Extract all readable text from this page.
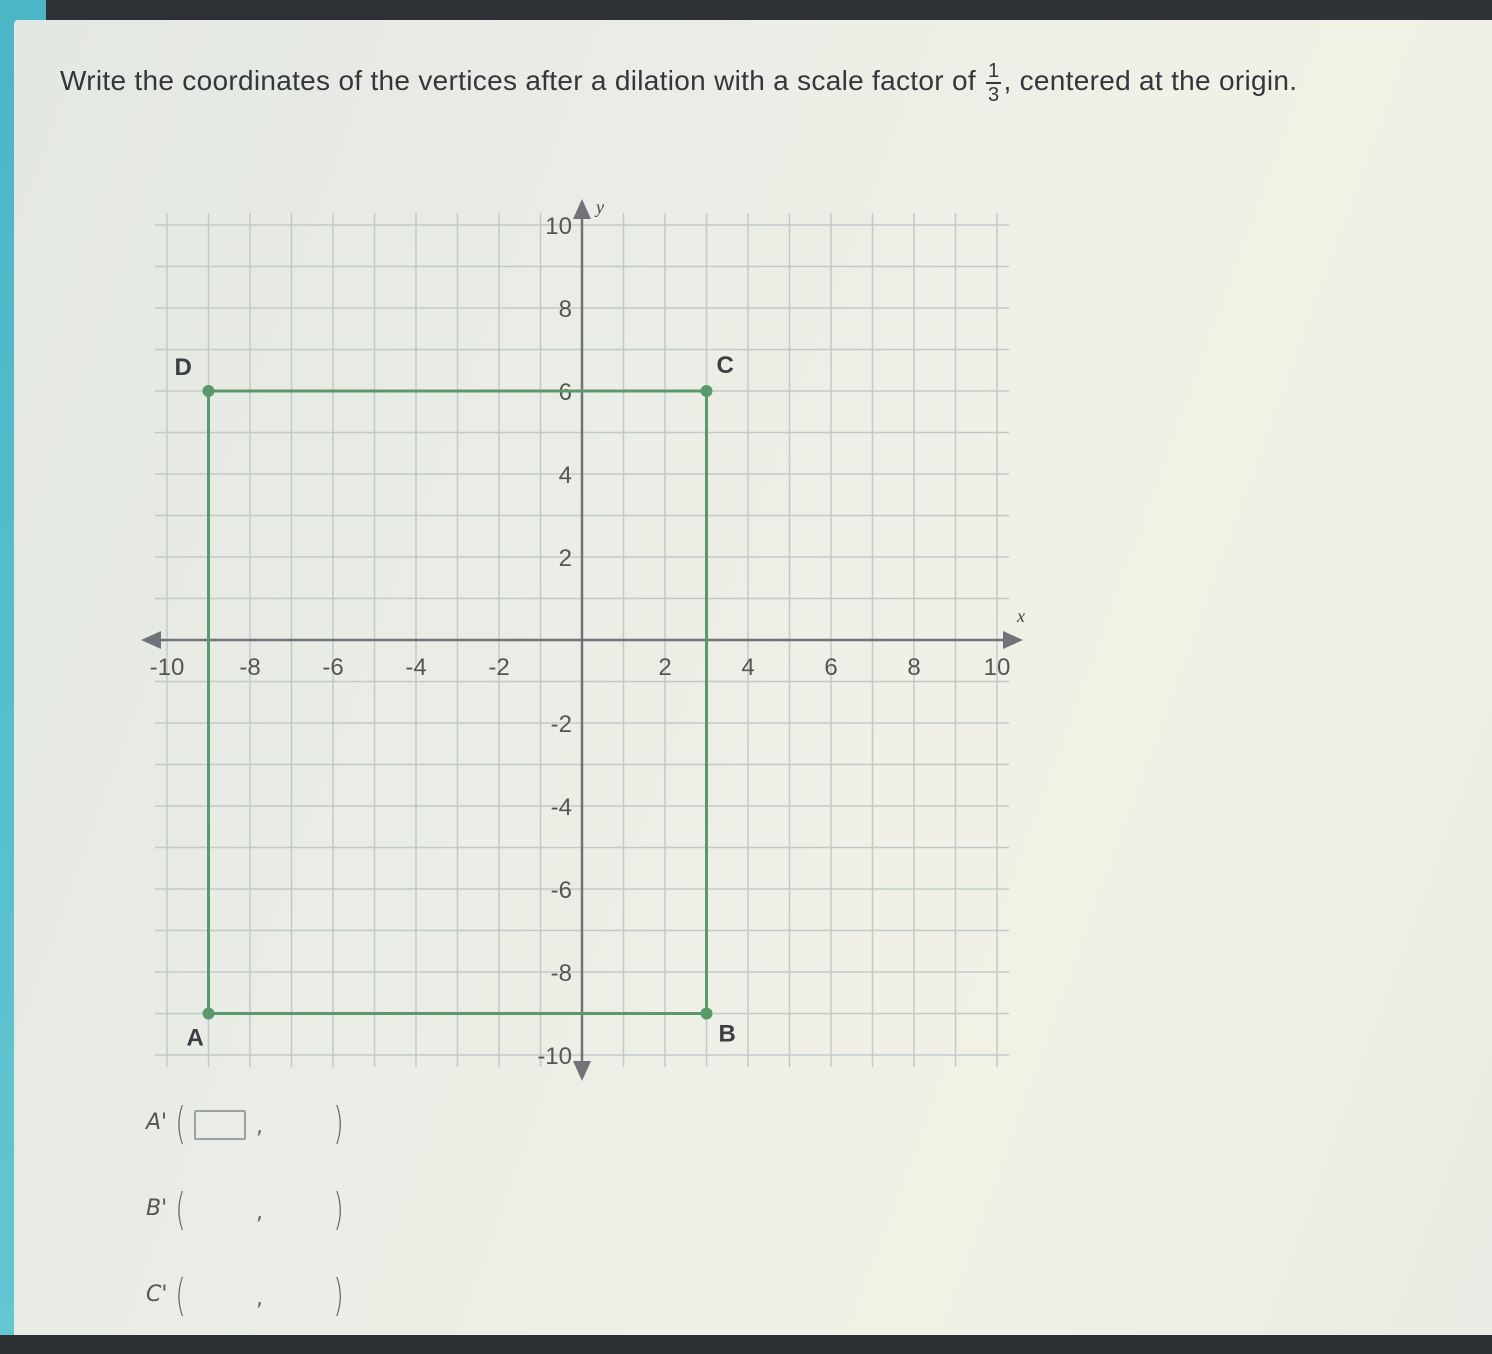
Write the coordinates of the vertices after a dilation with a scale factor of $\frac{1}{3}$ , centered at the origin.
x
y
-10 -8	-6	-4	-2	2	4	6	8	10
10
8
6
4
2
-2
-4
-6
-8
-10
A	B
C
D
A' (	, )
B' (	, )
C' (	, )
